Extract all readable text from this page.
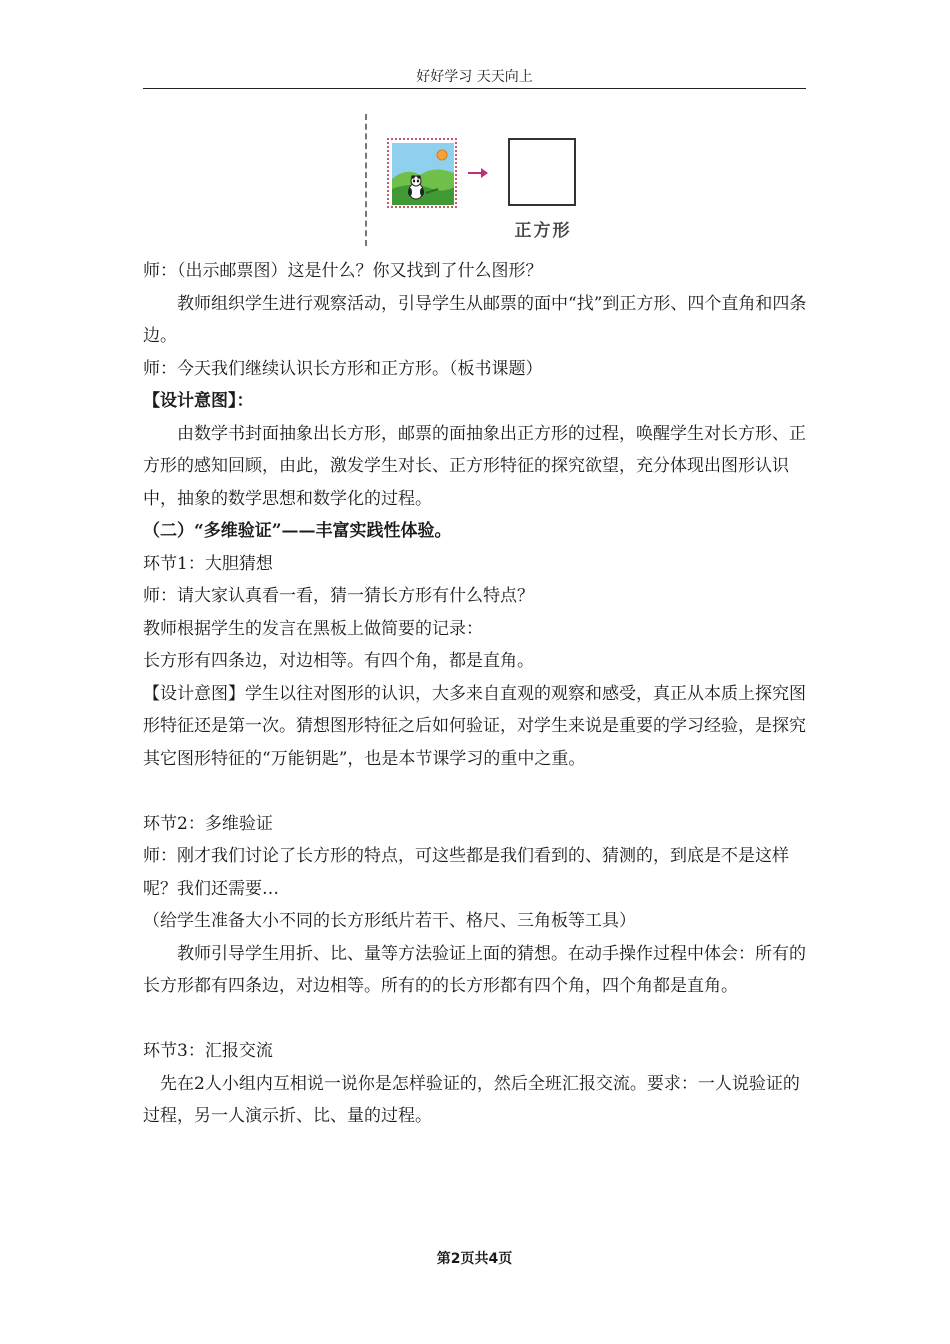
好好学习 天天向上
正方形

师：（出示邮票图）这是什么？你又找到了什么图形？

教师组织学生进行观察活动，引导学生从邮票的面中“找”到正方形、四个直角和四条边。

师：今天我们继续认识长方形和正方形。（板书课题）

【设计意图】：

由数学书封面抽象出长方形，邮票的面抽象出正方形的过程，唤醒学生对长方形、正方形的感知回顾，由此，激发学生对长、正方形特征的探究欲望，充分体现出图形认识中，抽象的数学思想和数学化的过程。

（二）“多维验证”——丰富实践性体验。

环节1：大胆猜想

师：请大家认真看一看，猜一猜长方形有什么特点？

教师根据学生的发言在黑板上做简要的记录：

长方形有四条边，对边相等。有四个角，都是直角。

【设计意图】学生以往对图形的认识，大多来自直观的观察和感受，真正从本质上探究图形特征还是第一次。猜想图形特征之后如何验证，对学生来说是重要的学习经验，是探究其它图形特征的“万能钥匙”，也是本节课学习的重中之重。

环节2：多维验证

师：刚才我们讨论了长方形的特点，可这些都是我们看到的、猜测的，到底是不是这样呢？我们还需要…

（给学生准备大小不同的长方形纸片若干、格尺、三角板等工具）

教师引导学生用折、比、量等方法验证上面的猜想。在动手操作过程中体会：所有的长方形都有四条边，对边相等。所有的的长方形都有四个角，四个角都是直角。

环节3：汇报交流

先在2人小组内互相说一说你是怎样验证的，然后全班汇报交流。要求：一人说验证的过程，另一人演示折、比、量的过程。

第2页共4页
